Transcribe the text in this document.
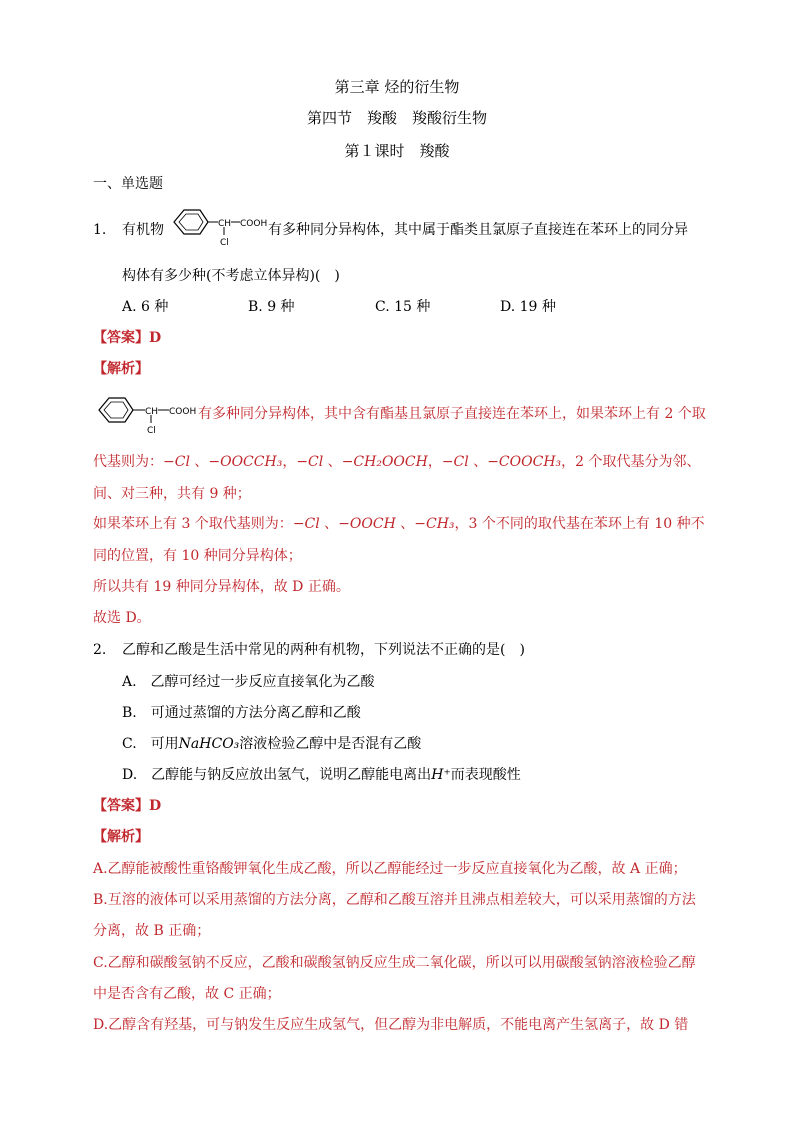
第三章 烃的衍生物
第四节　羧酸　羧酸衍生物
第１课时　羧酸
一、单选题
1. 有机物	CH COOH
Cl
有多种同分异构体，其中属于酯类且氯原子直接连在苯环上的同分异
构体有多少种(不考虑立体异构)(　)
A. 6 种	B. 9 种	C. 15 种	D. 19 种
【答案】D
【解析】
CH COOH
Cl
有多种同分异构体，其中含有酯基且氯原子直接连在苯环上，如果苯环上有 2 个取
代基则为：−Cl 、−OOCCH₃，−Cl 、−CH₂OOCH，−Cl 、−COOCH₃，2 个取代基分为邻、
间、对三种，共有 9 种；
如果苯环上有 3 个取代基则为：−Cl 、−OOCH 、−CH₃，3 个不同的取代基在苯环上有 10 种不
同的位置，有 10 种同分异构体；
所以共有 19 种同分异构体，故 D 正确。
故选 D。
2. 乙醇和乙酸是生活中常见的两种有机物，下列说法不正确的是(　)
A.　乙醇可经过一步反应直接氧化为乙酸
B.　可通过蒸馏的方法分离乙醇和乙酸
C.　可用NaHCO₃溶液检验乙醇中是否混有乙酸
D.　乙醇能与钠反应放出氢气，说明乙醇能电离出H⁺而表现酸性
【答案】D
【解析】
A.乙醇能被酸性重铬酸钾氧化生成乙酸，所以乙醇能经过一步反应直接氧化为乙酸，故 A 正确；
B.互溶的液体可以采用蒸馏的方法分离，乙醇和乙酸互溶并且沸点相差较大，可以采用蒸馏的方法
分离，故 B 正确；
C.乙醇和碳酸氢钠不反应，乙酸和碳酸氢钠反应生成二氧化碳，所以可以用碳酸氢钠溶液检验乙醇
中是否含有乙酸，故 C 正确；
D.乙醇含有羟基，可与钠发生反应生成氢气，但乙醇为非电解质，不能电离产生氢离子，故 D 错
